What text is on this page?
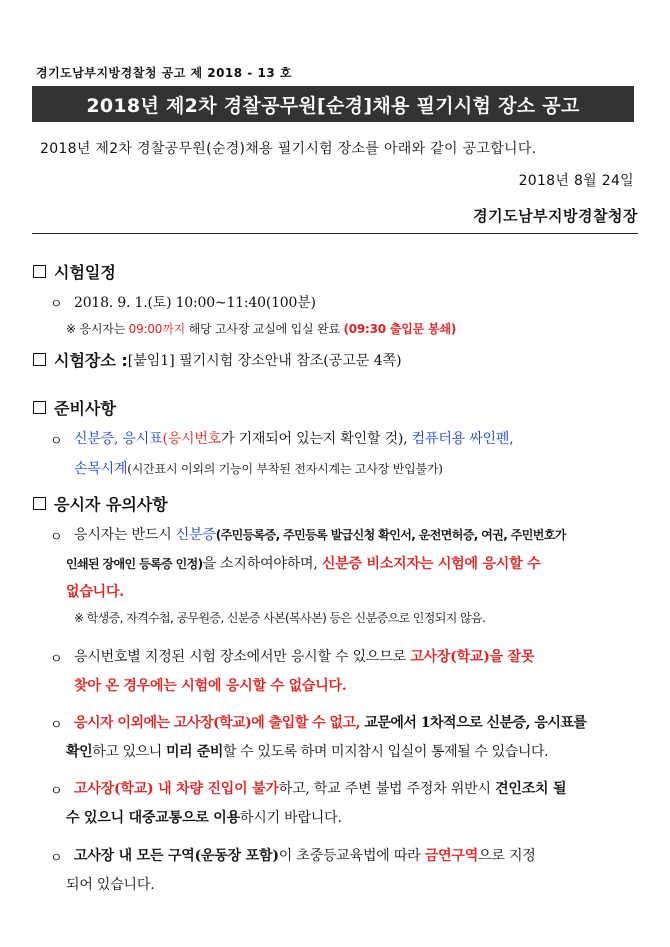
경기도남부지방경찰청 공고 제 2018 - 13 호
2018년 제2차 경찰공무원[순경]채용 필기시험 장소 공고
2018년 제2차 경찰공무원(순경)채용 필기시험 장소를 아래와 같이 공고합니다.
2018년 8월 24일
경기도남부지방경찰청장
시험일정
ㅇ 2018. 9. 1.(토) 10:00∼11:40(100분)
※ 응시자는 09:00까지 해당 고사장 교실에 입실 완료 (09:30 출입문 봉쇄)
시험장소 : [붙임1] 필기시험 장소안내 참조(공고문 4쪽)
준비사항
ㅇ 신분증, 응시표(응시번호가 기재되어 있는지 확인할 것), 컴퓨터용 싸인펜,
손목시계(시간표시 이외의 기능이 부착된 전자시계는 고사장 반입불가)
응시자 유의사항
ㅇ 응시자는 반드시 신분증(주민등록증, 주민등록 발급신청 확인서, 운전면허증, 여권, 주민번호가
인쇄된 장애인 등록증 인정)을 소지하여야하며, 신분증 비소지자는 시험에 응시할 수
없습니다.
※ 학생증, 자격수첩, 공무원증, 신분증 사본(복사본) 등은 신분증으로 인정되지 않음.
ㅇ 응시번호별 지정된 시험 장소에서만 응시할 수 있으므로 고사장(학교)을 잘못
찾아 온 경우에는 시험에 응시할 수 없습니다.
ㅇ 응시자 이외에는 고사장(학교)에 출입할 수 없고, 교문에서 1차적으로 신분증, 응시표를
확인하고 있으니 미리 준비할 수 있도록 하며 미지참시 입실이 통제될 수 있습니다.
ㅇ 고사장(학교) 내 차량 진입이 불가하고, 학교 주변 불법 주정차 위반시 견인조치 될
수 있으니 대중교통으로 이용하시기 바랍니다.
ㅇ 고사장 내 모든 구역(운동장 포함)이 초중등교육법에 따라 금연구역으로 지정
되어 있습니다.
